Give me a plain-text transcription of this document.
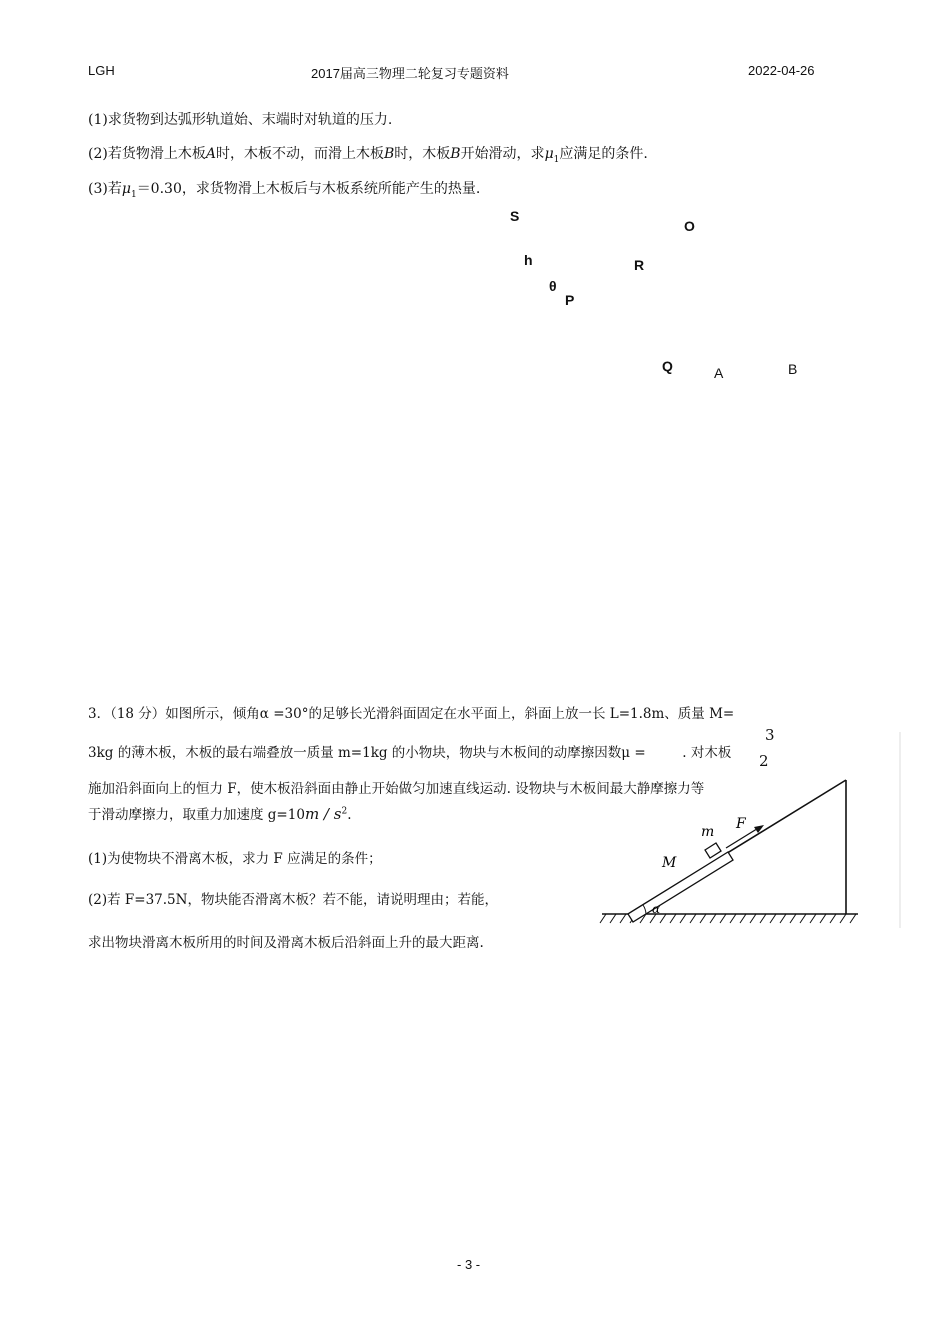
LGH	2017届高三物理二轮复习专题资料	2022-04-26
(1)求货物到达弧形轨道始、末端时对轨道的压力.
(2)若货物滑上木板A时，木板不动，而滑上木板B时，木板B开始滑动，求$\mu_1$应满足的条件.
(3)若$\mu_1=0.30$，求货物滑上木板后与木板系统所能产生的热量.
S
O
h	R
θ
P
Q	A	B
3．（18 分）如图所示，倾角α =30°的足够长光滑斜面固定在水平面上，斜面上放一长 L=1.8m、质量 M=
3kg 的薄木板，木板的最右端叠放一质量 m=1kg 的小物块，物块与木板间的动摩擦因数μ =	. 对木板
3
2
施加沿斜面向上的恒力 F，使木板沿斜面由静止开始做匀加速直线运动. 设物块与木板间最大静摩擦力等
于滑动摩擦力，取重力加速度 $g=10m / s^2$.
(1)为使物块不滑离木板，求力 F 应满足的条件；
(2)若 F=37.5N，物块能否滑离木板？若不能，请说明理由；若能，
求出物块滑离木板所用的时间及滑离木板后沿斜面上升的最大距离.
m F
M
α
- 3 -
